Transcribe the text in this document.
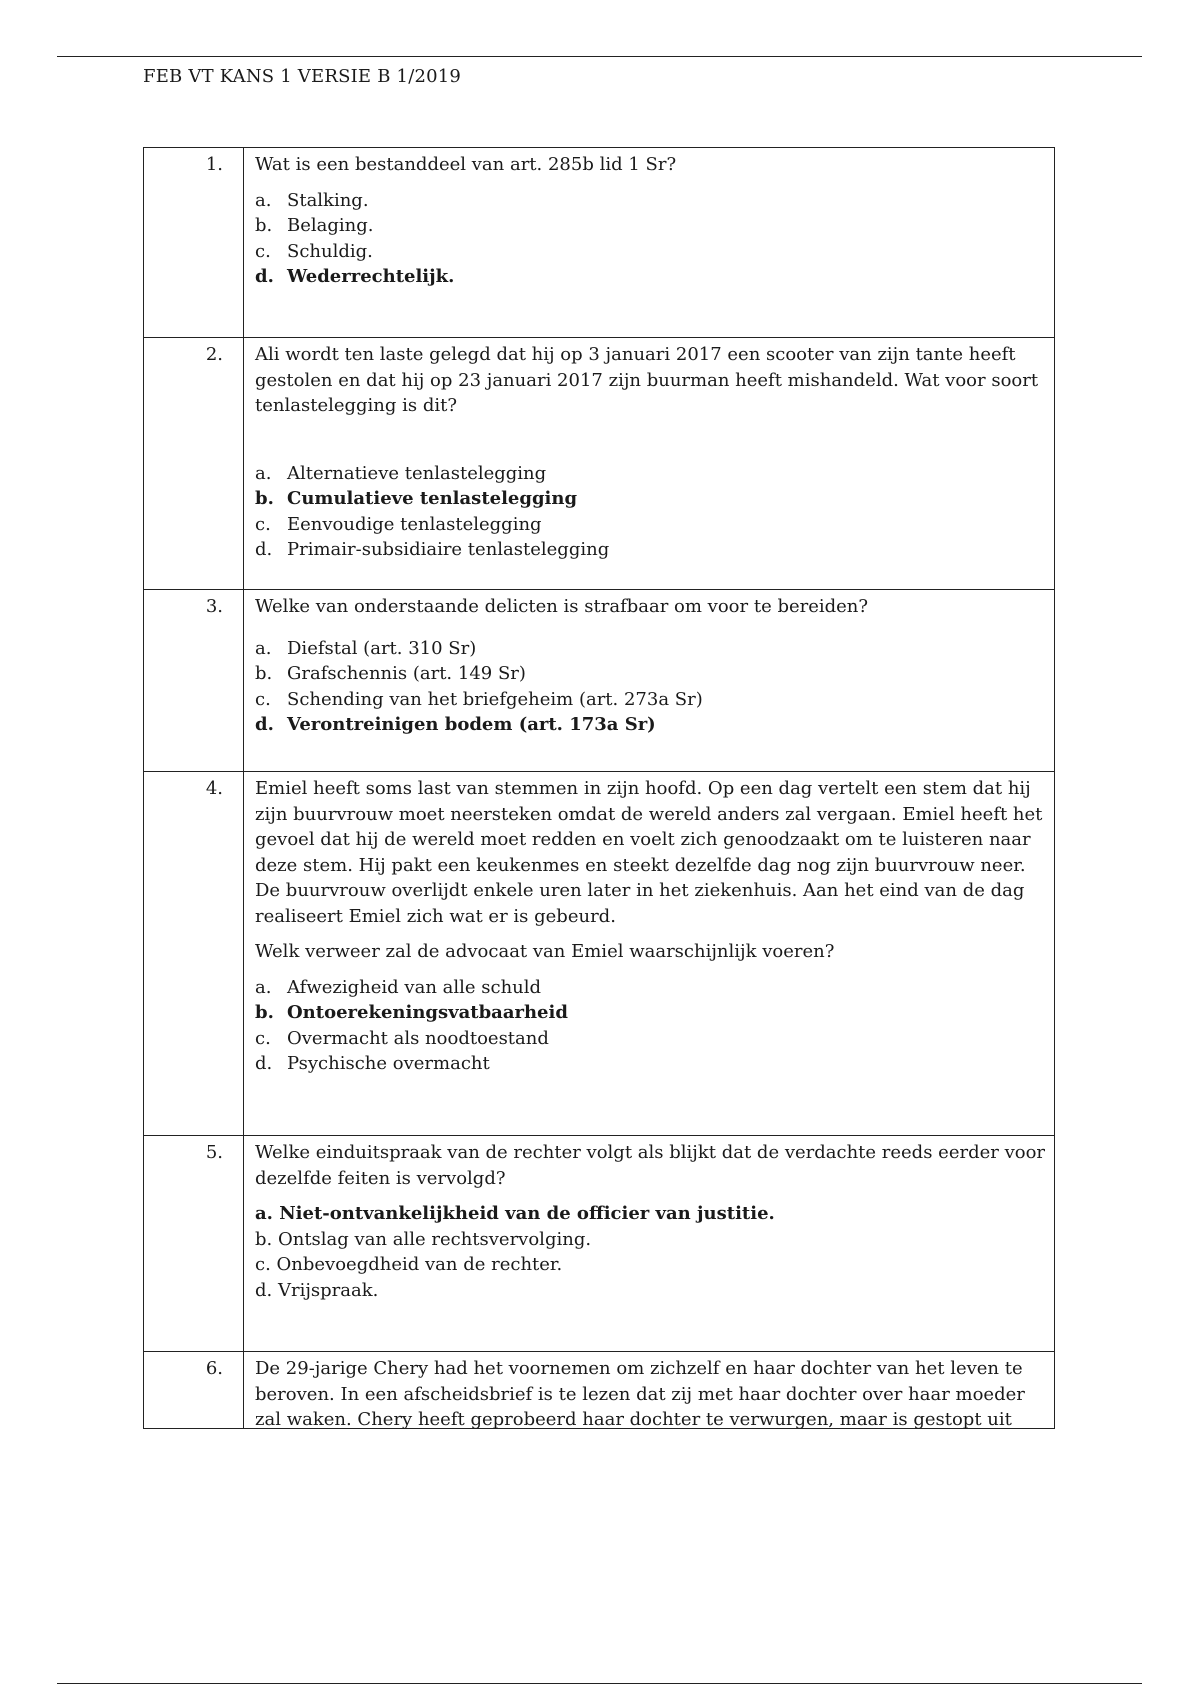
FEB VT KANS 1 VERSIE B 1/2019
1.	Wat is een bestanddeel van art. 285b lid 1 Sr?

a. Stalking.
b. Belaging.
c. Schuldig.
d. Wederrechtelijk.
2.	Ali wordt ten laste gelegd dat hij op 3 januari 2017 een scooter van zijn tante heeft gestolen en dat hij op 23 januari 2017 zijn buurman heeft mishandeld. Wat voor soort tenlastelegging is dit?

a. Alternatieve tenlastelegging
b. Cumulatieve tenlastelegging
c. Eenvoudige tenlastelegging
d. Primair-subsidiaire tenlastelegging
3.	Welke van onderstaande delicten is strafbaar om voor te bereiden?

a. Diefstal (art. 310 Sr)
b. Grafschennis (art. 149 Sr)
c. Schending van het briefgeheim (art. 273a Sr)
d. Verontreinigen bodem (art. 173a Sr)
4.	Emiel heeft soms last van stemmen in zijn hoofd. Op een dag vertelt een stem dat hij zijn buurvrouw moet neersteken omdat de wereld anders zal vergaan. Emiel heeft het gevoel dat hij de wereld moet redden en voelt zich genoodzaakt om te luisteren naar deze stem. Hij pakt een keukenmes en steekt dezelfde dag nog zijn buurvrouw neer. De buurvrouw overlijdt enkele uren later in het ziekenhuis. Aan het eind van de dag realiseert Emiel zich wat er is gebeurd.

Welk verweer zal de advocaat van Emiel waarschijnlijk voeren?

a. Afwezigheid van alle schuld
b. Ontoerekeningsvatbaarheid
c. Overmacht als noodtoestand
d. Psychische overmacht
5.	Welke einduitspraak van de rechter volgt als blijkt dat de verdachte reeds eerder voor dezelfde feiten is vervolgd?

a. Niet-ontvankelijkheid van de officier van justitie.
b. Ontslag van alle rechtsvervolging.
c. Onbevoegdheid van de rechter.
d. Vrijspraak.
6.	De 29-jarige Chery had het voornemen om zichzelf en haar dochter van het leven te beroven. In een afscheidsbrief is te lezen dat zij met haar dochter over haar moeder zal waken. Chery heeft geprobeerd haar dochter te verwurgen, maar is gestopt uit
